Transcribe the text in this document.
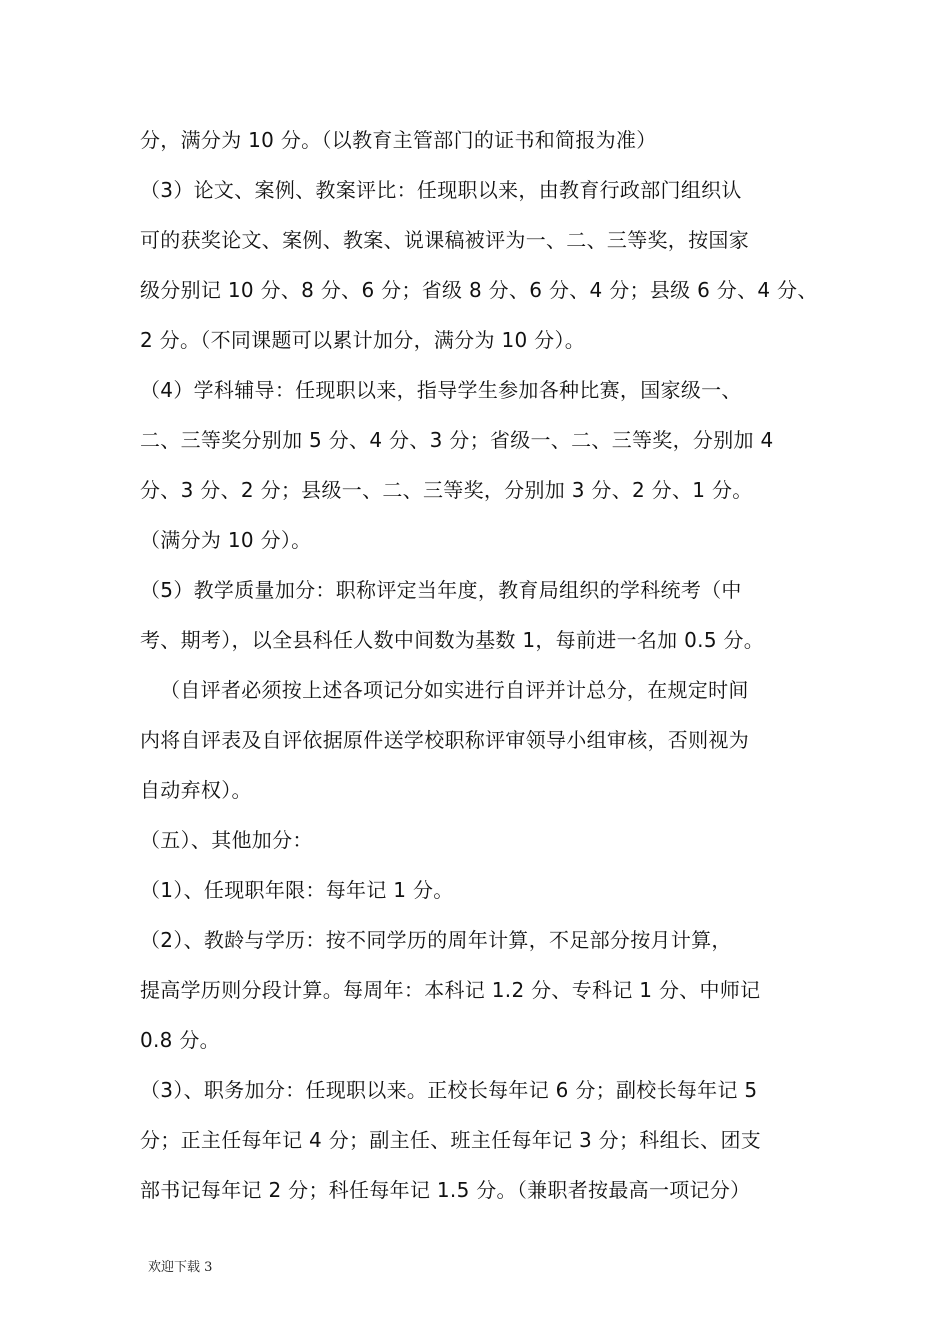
分，满分为 10 分。（以教育主管部门的证书和简报为准）
（3）论文、案例、教案评比：任现职以来，由教育行政部门组织认
可的获奖论文、案例、教案、说课稿被评为一、二、三等奖，按国家
级分别记 10 分、8 分、6 分；省级 8 分、6 分、4 分；县级 6 分、4 分、
2 分。（不同课题可以累计加分，满分为 10 分）。
（4）学科辅导：任现职以来，指导学生参加各种比赛，国家级一、
二、三等奖分别加 5 分、4 分、3 分；省级一、二、三等奖，分别加 4
分、3 分、2 分；县级一、二、三等奖，分别加 3 分、2 分、1 分。
（满分为 10 分）。
（5）教学质量加分：职称评定当年度，教育局组织的学科统考（中
考、期考），以全县科任人数中间数为基数 1，每前进一名加 0.5 分。
（自评者必须按上述各项记分如实进行自评并计总分，在规定时间
内将自评表及自评依据原件送学校职称评审领导小组审核，否则视为
自动弃权）。
（五）、其他加分：
（1）、任现职年限：每年记 1 分。
（2）、教龄与学历：按不同学历的周年计算，不足部分按月计算，
提高学历则分段计算。每周年：本科记 1.2 分、专科记 1 分、中师记
0.8 分。
（3）、职务加分：任现职以来。正校长每年记 6 分；副校长每年记 5
分；正主任每年记 4 分；副主任、班主任每年记 3 分；科组长、团支
部书记每年记 2 分；科任每年记 1.5 分。（兼职者按最高一项记分）
欢迎下载 3
